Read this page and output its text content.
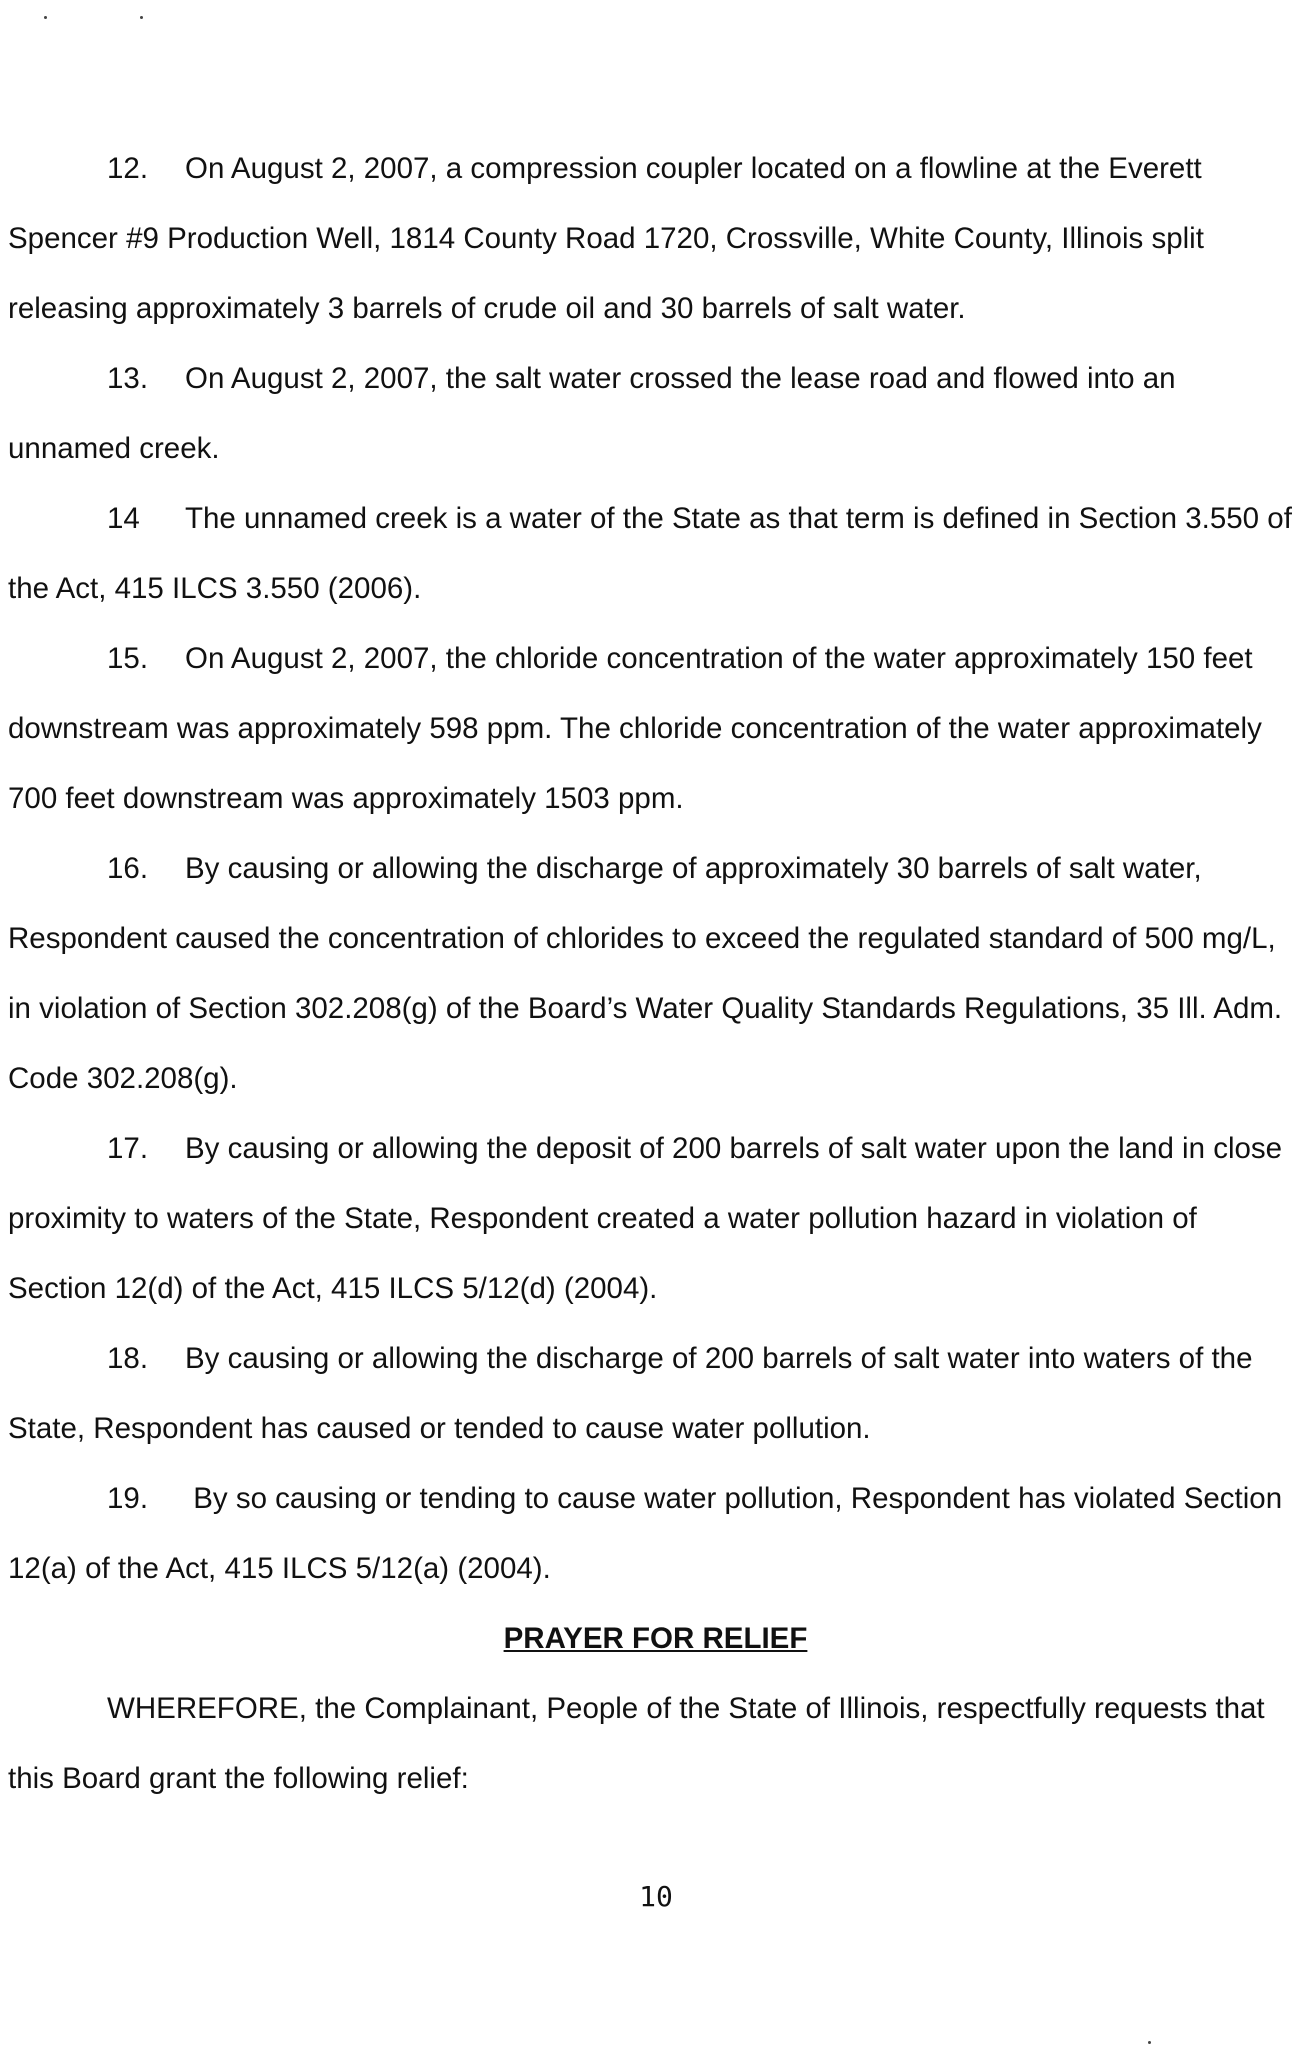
12. On August 2, 2007, a compression coupler located on a flowline at the Everett Spencer #9 Production Well, 1814 County Road 1720, Crossville, White County, Illinois split releasing approximately 3 barrels of crude oil and 30 barrels of salt water.

13. On August 2, 2007, the salt water crossed the lease road and flowed into an unnamed creek.

14 The unnamed creek is a water of the State as that term is defined in Section 3.550 of the Act, 415 ILCS 3.550 (2006).

15. On August 2, 2007, the chloride concentration of the water approximately 150 feet downstream was approximately 598 ppm. The chloride concentration of the water approximately 700 feet downstream was approximately 1503 ppm.

16. By causing or allowing the discharge of approximately 30 barrels of salt water, Respondent caused the concentration of chlorides to exceed the regulated standard of 500 mg/L, in violation of Section 302.208(g) of the Board’s Water Quality Standards Regulations, 35 Ill. Adm. Code 302.208(g).

17. By causing or allowing the deposit of 200 barrels of salt water upon the land in close proximity to waters of the State, Respondent created a water pollution hazard in violation of Section 12(d) of the Act, 415 ILCS 5/12(d) (2004).

18. By causing or allowing the discharge of 200 barrels of salt water into waters of the State, Respondent has caused or tended to cause water pollution.

19. By so causing or tending to cause water pollution, Respondent has violated Section 12(a) of the Act, 415 ILCS 5/12(a) (2004).

PRAYER FOR RELIEF

WHEREFORE, the Complainant, People of the State of Illinois, respectfully requests that this Board grant the following relief:

10
